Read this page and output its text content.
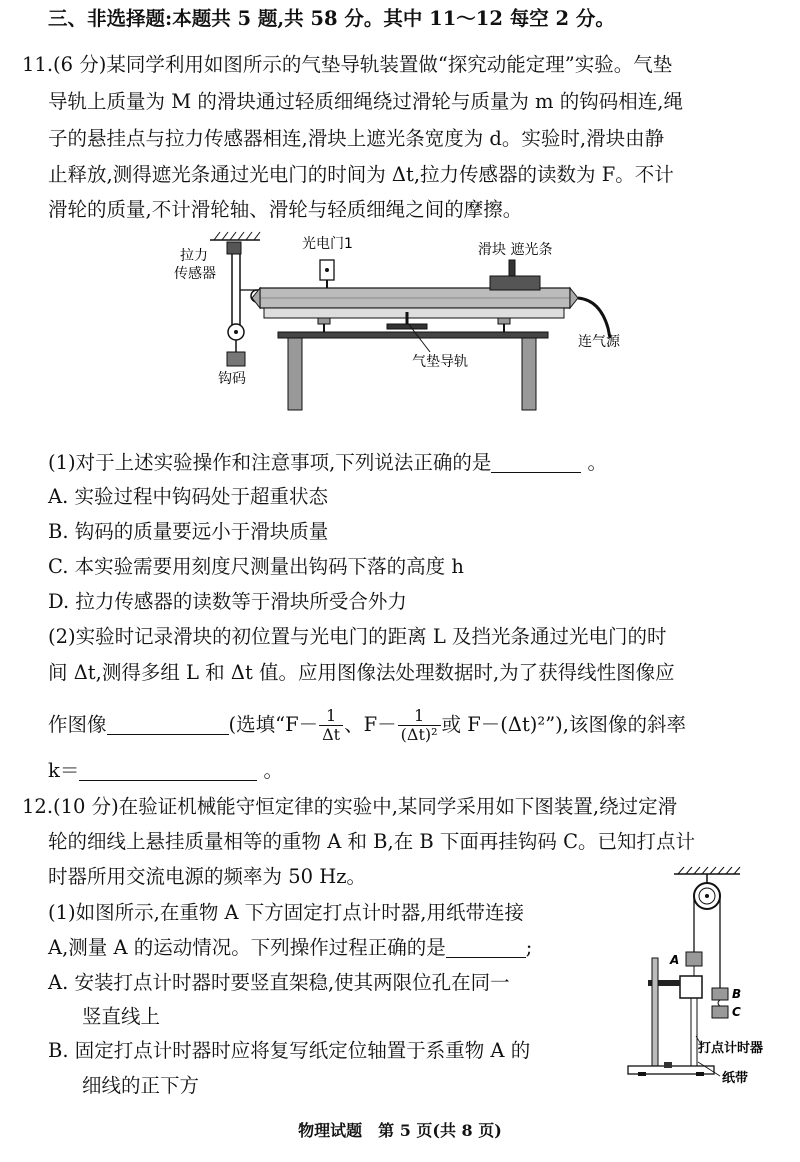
三、非选择题:本题共 5 题,共 58 分。其中 11～12 每空 2 分。
11.(6 分)某同学利用如图所示的气垫导轨装置做“探究动能定理”实验。气垫
导轨上质量为 M 的滑块通过轻质细绳绕过滑轮与质量为 m 的钩码相连,绳
子的悬挂点与拉力传感器相连,滑块上遮光条宽度为 d。实验时,滑块由静
止释放,测得遮光条通过光电门的时间为 Δt,拉力传感器的读数为 F。不计
滑轮的质量,不计滑轮轴、滑轮与轻质细绳之间的摩擦。
拉力
传感器
钩码
光电门1	滑块 遮光条
连气源
气垫导轨
(1)对于上述实验操作和注意事项,下列说法正确的是	。
A. 实验过程中钩码处于超重状态
B. 钩码的质量要远小于滑块质量
C. 本实验需要用刻度尺测量出钩码下落的高度 h
D. 拉力传感器的读数等于滑块所受合外力
(2)实验时记录滑块的初位置与光电门的距离 L 及挡光条通过光电门的时
间 Δt,测得多组 L 和 Δt 值。应用图像法处理数据时,为了获得线性图像应
作图像	(选填“$F- \frac{1}{\Delta t}$ 、$F- \frac{1}{\text{(Δt)²}}$ 或 F－(Δt)²”),该图像的斜率
k＝	。
12.(10 分)在验证机械能守恒定律的实验中,某同学采用如下图装置,绕过定滑
轮的细线上悬挂质量相等的重物 A 和 B,在 B 下面再挂钩码 C。已知打点计
时器所用交流电源的频率为 50 Hz。
(1)如图所示,在重物 A 下方固定打点计时器,用纸带连接
A,测量 A 的运动情况。下列操作过程正确的是	;
A. 安装打点计时器时要竖直架稳,使其两限位孔在同一
竖直线上
B. 固定打点计时器时应将复写纸定位轴置于系重物 A 的
细线的正下方
A
B
C
打点计时器
纸带
物理试题　第 5 页(共 8 页)
